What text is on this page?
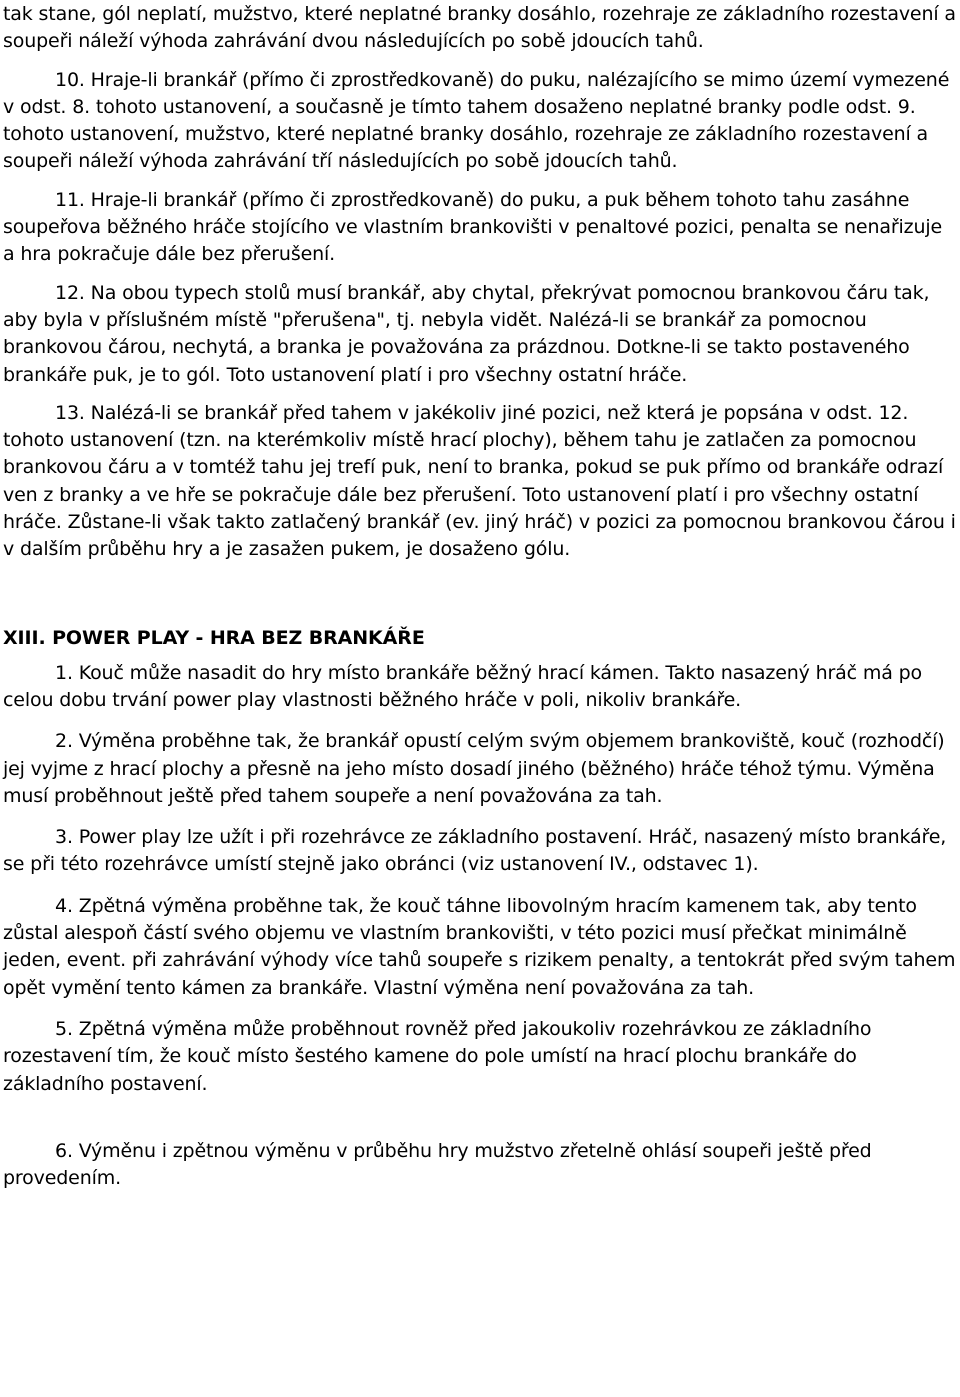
tak stane, gól neplatí, mužstvo, které neplatné branky dosáhlo, rozehraje ze základního rozestavení a soupeři náleží výhoda zahrávání dvou následujících po sobě jdoucích tahů.

10. Hraje-li brankář (přímo či zprostředkovaně) do puku, nalézajícího se mimo území vymezené v odst. 8. tohoto ustanovení, a současně je tímto tahem dosaženo neplatné branky podle odst. 9. tohoto ustanovení, mužstvo, které neplatné branky dosáhlo, rozehraje ze základního rozestavení a soupeři náleží výhoda zahrávání tří následujících po sobě jdoucích tahů.

11. Hraje-li brankář (přímo či zprostředkovaně) do puku, a puk během tohoto tahu zasáhne soupeřova běžného hráče stojícího ve vlastním brankovišti v penaltové pozici, penalta se nenařizuje a hra pokračuje dále bez přerušení.

12. Na obou typech stolů musí brankář, aby chytal, překrývat pomocnou brankovou čáru tak, aby byla v příslušném místě "přerušena", tj. nebyla vidět. Nalézá-li se brankář za pomocnou brankovou čárou, nechytá, a branka je považována za prázdnou. Dotkne-li se takto postaveného brankáře puk, je to gól. Toto ustanovení platí i pro všechny ostatní hráče.

13. Nalézá-li se brankář před tahem v jakékoliv jiné pozici, než která je popsána v odst. 12. tohoto ustanovení (tzn. na kterémkoliv místě hrací plochy), během tahu je zatlačen za pomocnou brankovou čáru a v tomtéž tahu jej trefí puk, není to branka, pokud se puk přímo od brankáře odrazí ven z branky a ve hře se pokračuje dále bez přerušení. Toto ustanovení platí i pro všechny ostatní hráče. Zůstane-li však takto zatlačený brankář (ev. jiný hráč) v pozici za pomocnou brankovou čárou i v dalším průběhu hry a je zasažen pukem, je dosaženo gólu.

XIII. POWER PLAY - HRA BEZ BRANKÁŘE

1. Kouč může nasadit do hry místo brankáře běžný hrací kámen. Takto nasazený hráč má po celou dobu trvání power play vlastnosti běžného hráče v poli, nikoliv brankáře.

2. Výměna proběhne tak, že brankář opustí celým svým objemem brankoviště, kouč (rozhodčí) jej vyjme z hrací plochy a přesně na jeho místo dosadí jiného (běžného) hráče téhož týmu. Výměna musí proběhnout ještě před tahem soupeře a není považována za tah.

3. Power play lze užít i při rozehrávce ze základního postavení. Hráč, nasazený místo brankáře, se při této rozehrávce umístí stejně jako obránci (viz ustanovení IV., odstavec 1).

4. Zpětná výměna proběhne tak, že kouč táhne libovolným hracím kamenem tak, aby tento zůstal alespoň částí svého objemu ve vlastním brankovišti, v této pozici musí přečkat minimálně jeden, event. při zahrávání výhody více tahů soupeře s rizikem penalty, a tentokrát před svým tahem opět vymění tento kámen za brankáře. Vlastní výměna není považována za tah.

5. Zpětná výměna může proběhnout rovněž před jakoukoliv rozehrávkou ze základního rozestavení tím, že kouč místo šestého kamene do pole umístí na hrací plochu brankáře do základního postavení.

6. Výměnu i zpětnou výměnu v průběhu hry mužstvo zřetelně ohlásí soupeři ještě před provedením.
